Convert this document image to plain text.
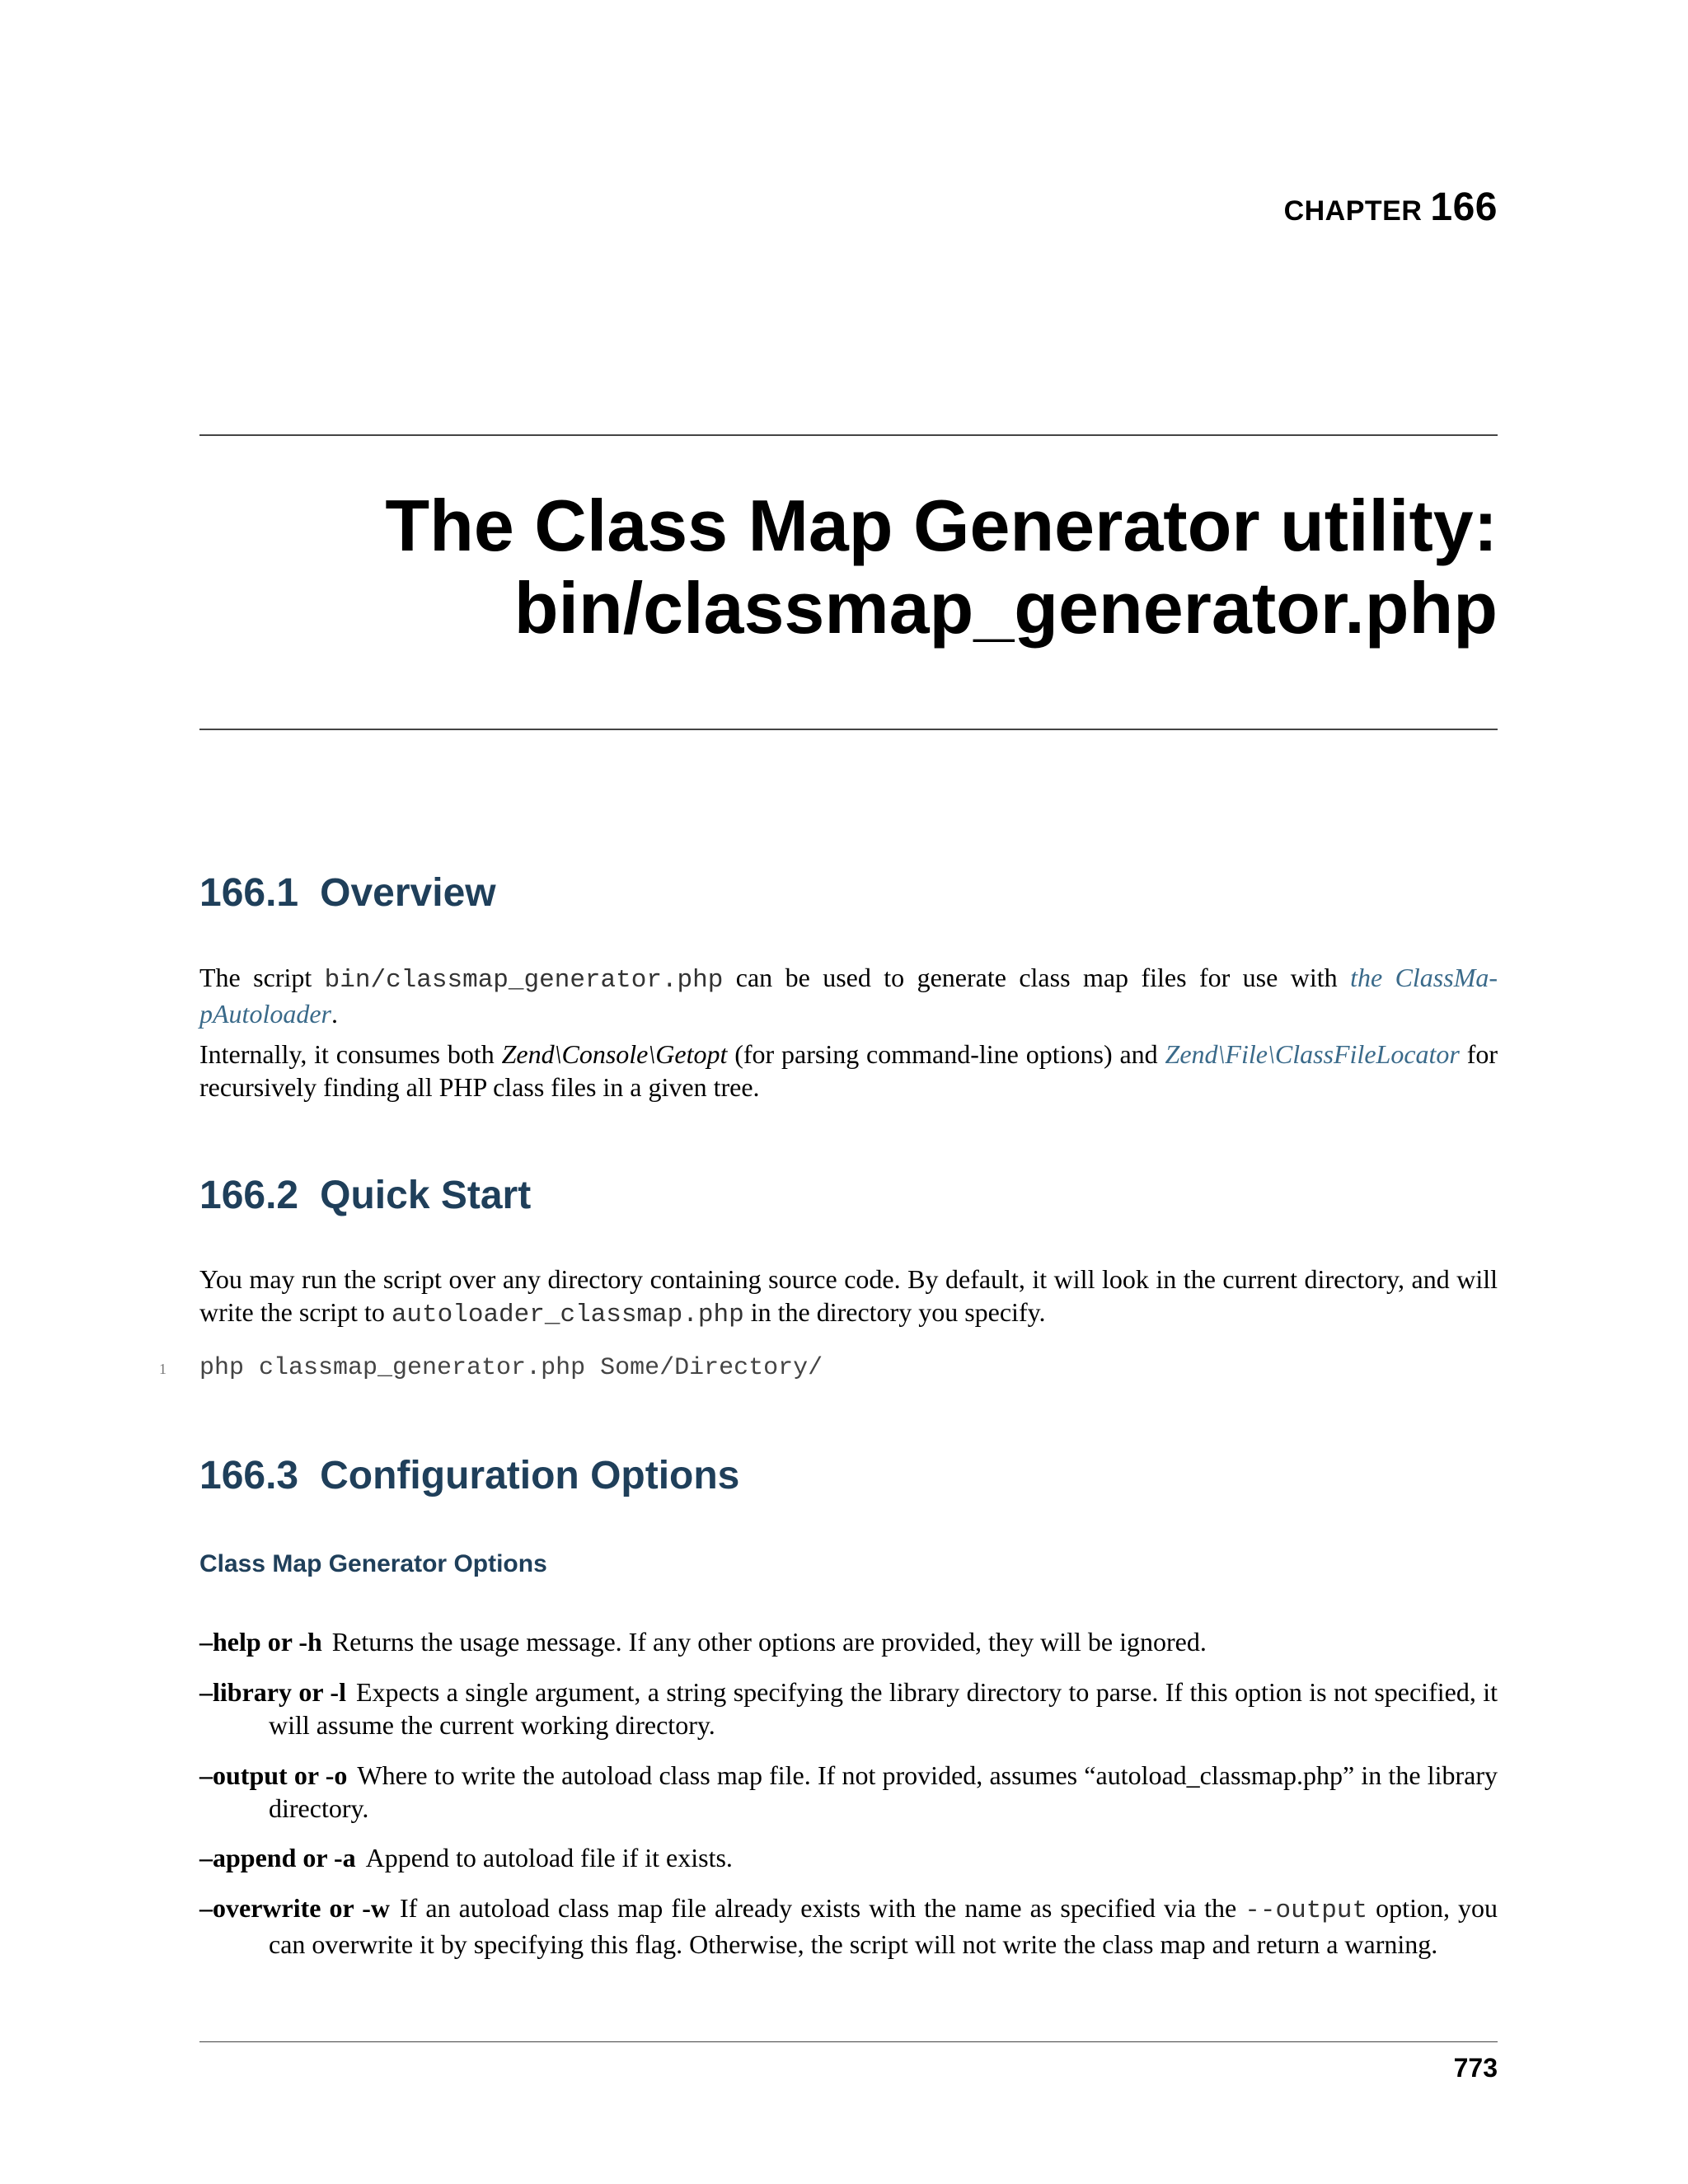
CHAPTER 166
The Class Map Generator utility:
bin/classmap_generator.php
166.1 Overview

The script bin/classmap_generator.php can be used to generate class map files for use with the ClassMa-pAutoloader.

Internally, it consumes both Zend\Console\Getopt (for parsing command-line options) and Zend\File\ClassFileLocator for recursively finding all PHP class files in a given tree.

166.2 Quick Start

You may run the script over any directory containing source code. By default, it will look in the current directory, and will write the script to autoloader_classmap.php in the directory you specify.

php classmap_generator.php Some/Directory/
166.3 Configuration Options
Class Map Generator Options

–help or -h Returns the usage message. If any other options are provided, they will be ignored.

–library or -l Expects a single argument, a string specifying the library directory to parse. If this option is not specified, it will assume the current working directory.

–output or -o Where to write the autoload class map file. If not provided, assumes “autoload_classmap.php” in the library directory.

–append or -a Append to autoload file if it exists.

–overwrite or -w If an autoload class map file already exists with the name as specified via the --output option, you can overwrite it by specifying this flag. Otherwise, the script will not write the class map and return a warning.

1
773
